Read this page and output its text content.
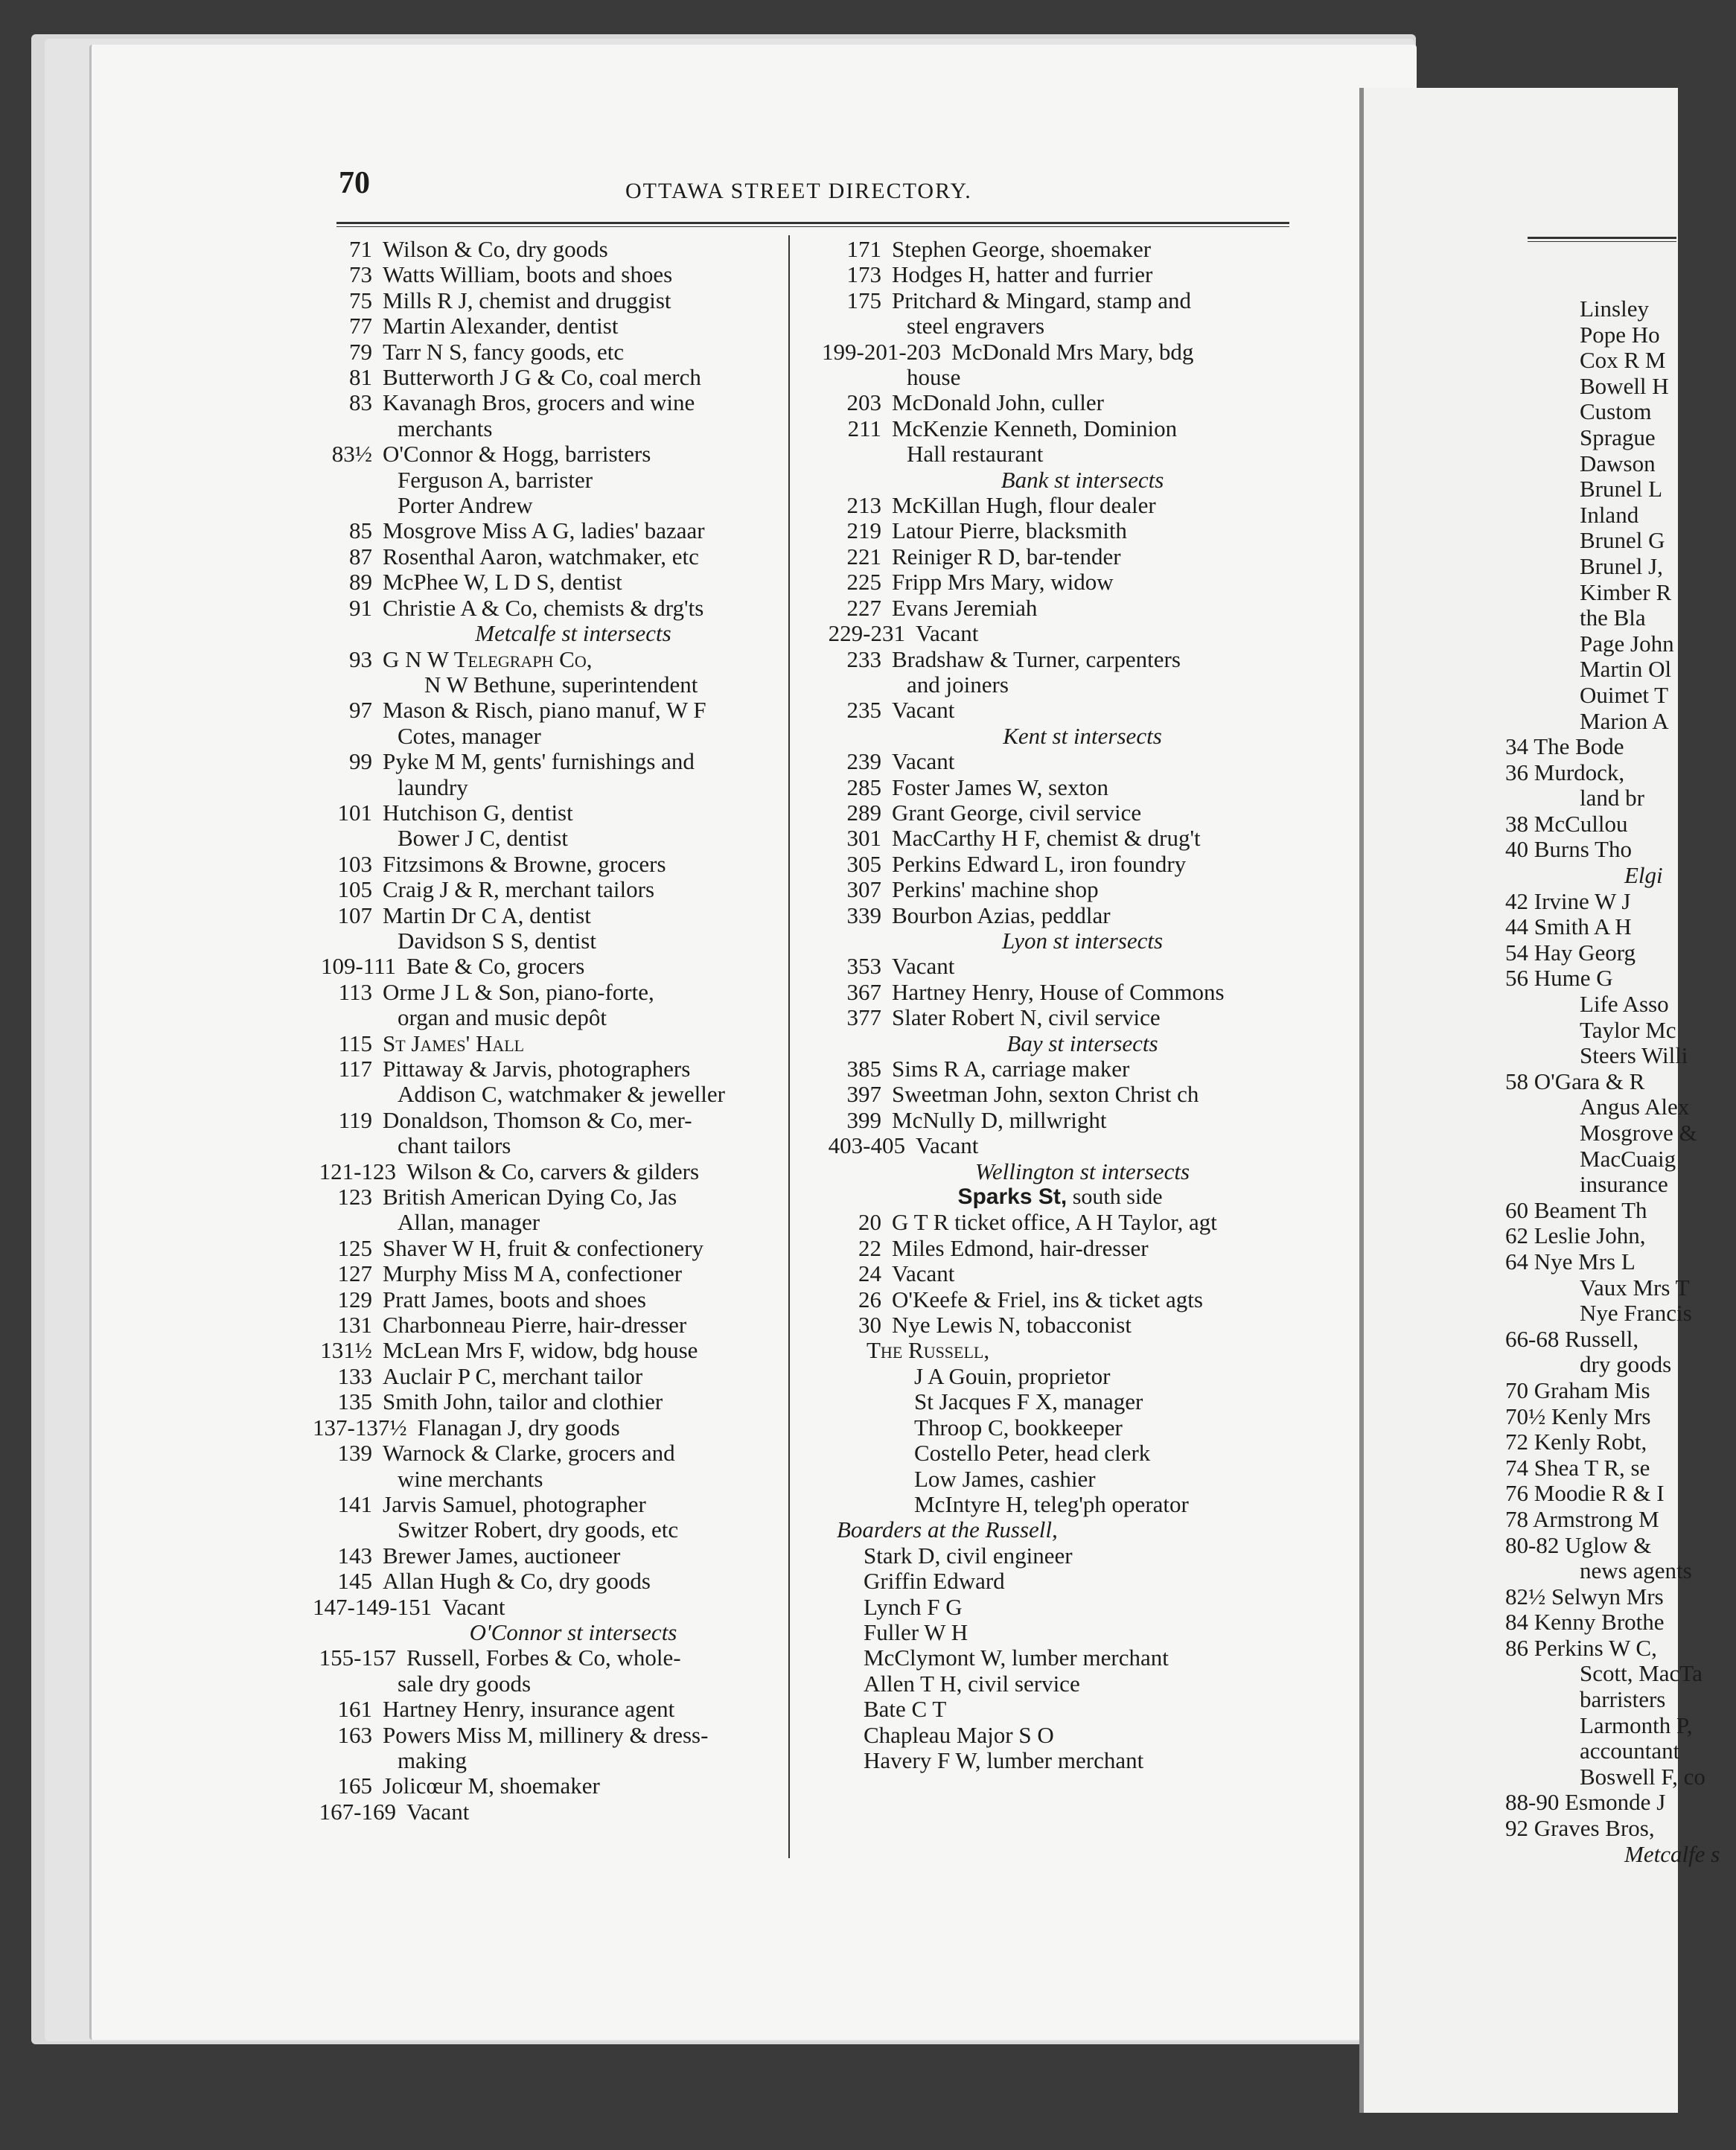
70	OTTAWA STREET DIRECTORY.
71 Wilson & Co, dry goods
73 Watts William, boots and shoes
75 Mills R J, chemist and druggist
77 Martin Alexander, dentist
79 Tarr N S, fancy goods, etc
81 Butterworth J G & Co, coal merch
83 Kavanagh Bros, grocers and wine
merchants
83½ O'Connor & Hogg, barristers
Ferguson A, barrister
Porter Andrew
85 Mosgrove Miss A G, ladies' bazaar
87 Rosenthal Aaron, watchmaker, etc
89 McPhee W, L D S, dentist
91 Christie A & Co, chemists & drg'ts
Metcalfe st intersects
93 G N W Telegraph Co,
N W Bethune, superintendent
97 Mason & Risch, piano manuf, W F
Cotes, manager
99 Pyke M M, gents' furnishings and
laundry
101 Hutchison G, dentist
Bower J C, dentist
103 Fitzsimons & Browne, grocers
105 Craig J & R, merchant tailors
107 Martin Dr C A, dentist
Davidson S S, dentist
109-111 Bate & Co, grocers
113 Orme J L & Son, piano-forte,
organ and music depôt
115 St James' Hall
117 Pittaway & Jarvis, photographers
Addison C, watchmaker & jeweller
119 Donaldson, Thomson & Co, mer-
chant tailors
121-123 Wilson & Co, carvers & gilders
123 British American Dying Co, Jas
Allan, manager
125 Shaver W H, fruit & confectionery
127 Murphy Miss M A, confectioner
129 Pratt James, boots and shoes
131 Charbonneau Pierre, hair-dresser
131½ McLean Mrs F, widow, bdg house
133 Auclair P C, merchant tailor
135 Smith John, tailor and clothier
137-137½ Flanagan J, dry goods
139 Warnock & Clarke, grocers and
wine merchants
141 Jarvis Samuel, photographer
Switzer Robert, dry goods, etc
143 Brewer James, auctioneer
145 Allan Hugh & Co, dry goods
147-149-151 Vacant
O'Connor st intersects
155-157 Russell, Forbes & Co, whole-
sale dry goods
161 Hartney Henry, insurance agent
163 Powers Miss M, millinery & dress-
making
165 Jolicœur M, shoemaker
167-169 Vacant
171 Stephen George, shoemaker
173 Hodges H, hatter and furrier
175 Pritchard & Mingard, stamp and
steel engravers
199-201-203 McDonald Mrs Mary, bdg
house
203 McDonald John, culler
211 McKenzie Kenneth, Dominion
Hall restaurant
Bank st intersects
213 McKillan Hugh, flour dealer
219 Latour Pierre, blacksmith
221 Reiniger R D, bar-tender
225 Fripp Mrs Mary, widow
227 Evans Jeremiah
229-231 Vacant
233 Bradshaw & Turner, carpenters
and joiners
235 Vacant
Kent st intersects
239 Vacant
285 Foster James W, sexton
289 Grant George, civil service
301 MacCarthy H F, chemist & drug't
305 Perkins Edward L, iron foundry
307 Perkins' machine shop
339 Bourbon Azias, peddlar
Lyon st intersects
353 Vacant
367 Hartney Henry, House of Commons
377 Slater Robert N, civil service
Bay st intersects
385 Sims R A, carriage maker
397 Sweetman John, sexton Christ ch
399 McNully D, millwright
403-405 Vacant
Wellington st intersects
Sparks St, south side
20 G T R ticket office, A H Taylor, agt
22 Miles Edmond, hair-dresser
24 Vacant
26 O'Keefe & Friel, ins & ticket agts
30 Nye Lewis N, tobacconist
The Russell,
J A Gouin, proprietor
St Jacques F X, manager
Throop C, bookkeeper
Costello Peter, head clerk
Low James, cashier
McIntyre H, teleg'ph operator
Boarders at the Russell,
Stark D, civil engineer
Griffin Edward
Lynch F G
Fuller W H
McClymont W, lumber merchant
Allen T H, civil service
Bate C T
Chapleau Major S O
Havery F W, lumber merchant
Linsley
Pope Ho
Cox R M
Bowell H
Custom
Sprague
Dawson
Brunel L
Inland
Brunel G
Brunel J,
Kimber R
the Bla
Page John
Martin Ol
Ouimet T
Marion A
34 The Bode
36 Murdock,
land br
38 McCullou
40 Burns Tho
Elgi
42 Irvine W J
44 Smith A H
54 Hay Georg
56 Hume G
Life Asso
Taylor Mc
Steers Willi
58 O'Gara & R
Angus Alex
Mosgrove &
MacCuaig
insurance
60 Beament Th
62 Leslie John,
64 Nye Mrs L
Vaux Mrs T
Nye Francis
66-68 Russell,
dry goods
70 Graham Mis
70½ Kenly Mrs
72 Kenly Robt,
74 Shea T R, se
76 Moodie R & I
78 Armstrong M
80-82 Uglow &
news agents
82½ Selwyn Mrs
84 Kenny Brothe
86 Perkins W C,
Scott, MacTa
barristers
Larmonth P,
accountant
Boswell F, co
88-90 Esmonde J
92 Graves Bros,
Metcalfe s
